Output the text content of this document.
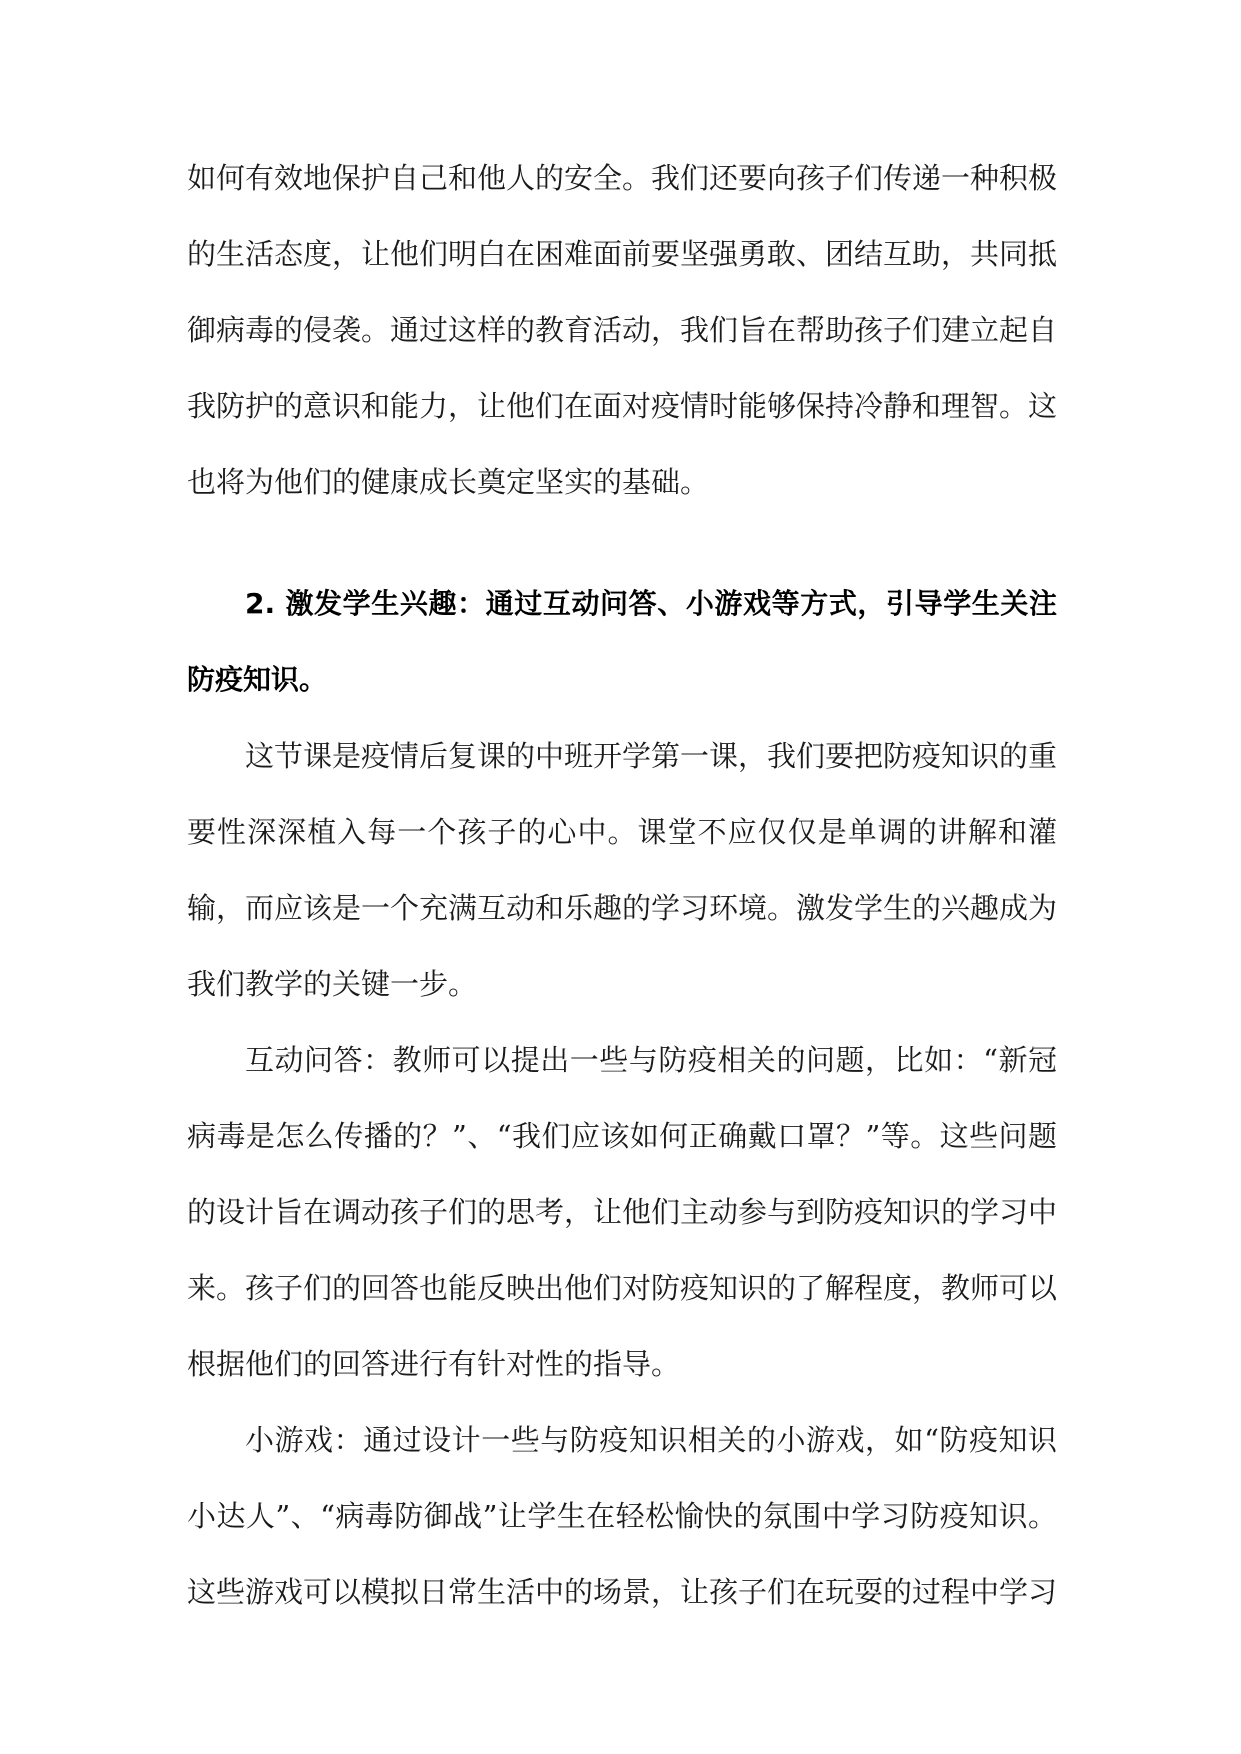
如何有效地保护自己和他人的安全。我们还要向孩子们传递一种积极的生活态度，让他们明白在困难面前要坚强勇敢、团结互助，共同抵御病毒的侵袭。通过这样的教育活动，我们旨在帮助孩子们建立起自我防护的意识和能力，让他们在面对疫情时能够保持冷静和理智。这也将为他们的健康成长奠定坚实的基础。

2. 激发学生兴趣：通过互动问答、小游戏等方式，引导学生关注防疫知识。

这节课是疫情后复课的中班开学第一课，我们要把防疫知识的重要性深深植入每一个孩子的心中。课堂不应仅仅是单调的讲解和灌输，而应该是一个充满互动和乐趣的学习环境。激发学生的兴趣成为我们教学的关键一步。

互动问答：教师可以提出一些与防疫相关的问题，比如：“新冠病毒是怎么传播的？”、“我们应该如何正确戴口罩？”等。这些问题的设计旨在调动孩子们的思考，让他们主动参与到防疫知识的学习中来。孩子们的回答也能反映出他们对防疫知识的了解程度，教师可以根据他们的回答进行有针对性的指导。

小游戏：通过设计一些与防疫知识相关的小游戏，如“防疫知识小达人”、“病毒防御战”让学生在轻松愉快的氛围中学习防疫知识。这些游戏可以模拟日常生活中的场景，让孩子们在玩耍的过程中学习
